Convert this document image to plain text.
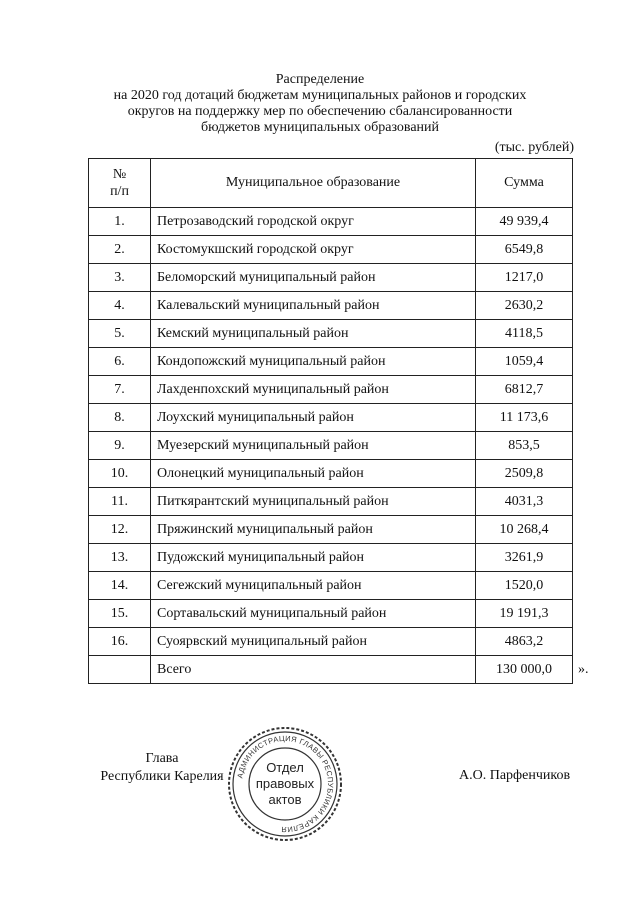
Распределение
на 2020 год дотаций бюджетам муниципальных районов и городских
округов на поддержку мер по обеспечению сбалансированности
бюджетов муниципальных образований
(тыс. рублей)
№
п/п	Муниципальное образование	Сумма
1.	Петрозаводский городской округ	49 939,4
2.	Костомукшский городской округ	6549,8
3.	Беломорский муниципальный район	1217,0
4.	Калевальский муниципальный район	2630,2
5.	Кемский муниципальный район	4118,5
6.	Кондопожский муниципальный район	1059,4
7.	Лахденпохский муниципальный район	6812,7
8.	Лоухский муниципальный район	11 173,6
9.	Муезерский муниципальный район	853,5
10.	Олонецкий муниципальный район	2509,8
11.	Питкярантский муниципальный район	4031,3
12.	Пряжинский муниципальный район	10 268,4
13.	Пудожский муниципальный район	3261,9
14.	Сегежский муниципальный район	1520,0
15.	Сортавальский муниципальный район	19 191,3
16.	Суоярвский муниципальный район	4863,2
	Всего	130 000,0 ».
Глава
Республики Карелия	А.О. Парфенчиков
АДМИНИСТРАЦИЯ ГЛАВЫ РЕСПУБЛИКИ КАРЕЛИЯ
Отдел
правовых
актов
